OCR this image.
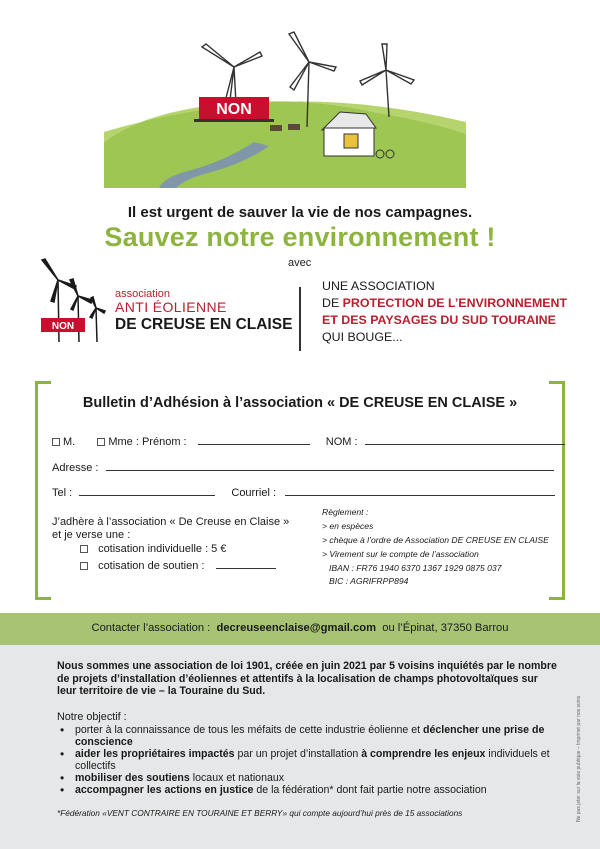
NON
Il est urgent de sauver la vie de nos campagnes.
Sauvez notre environnement !
avec
NON
association
ANTI ÉOLIENNE
DE CREUSE EN CLAISE
UNE ASSOCIATION
DE PROTECTION DE L’ENVIRONNEMENT
ET DES PAYSAGES DU SUD TOURAINE
QUI BOUGE...
Bulletin d’Adhésion à l’association « DE CREUSE EN CLAISE »
M.	Mme : Prénom :	NOM :
Adresse :
Tel :	Courriel :
J’adhère à l’association « De Creuse en Claise »
et je verse une :
cotisation individuelle : 5 €
cotisation de soutien :
Règlement :
> en espèces
> chèque à l’ordre de Association DE CREUSE EN CLAISE
> Virement sur le compte de l’association
IBAN : FR76 1940 6370 1367 1929 0875 037
BIC : AGRIFRPP894
Contacter l’association : decreuseenclaise@gmail.com ou l’Épinat, 37350 Barrou
Nous sommes une association de loi 1901, créée en juin 2021 par 5 voisins inquiétés par le nombre de projets d’installation d’éoliennes et attentifs à la localisation de champs photovoltaïques sur leur territoire de vie – la Touraine du Sud.
Notre objectif :
• porter à la connaissance de tous les méfaits de cette industrie éolienne et déclencher une prise de conscience
• aider les propriétaires impactés par un projet d’installation à comprendre les enjeux individuels et collectifs
• mobiliser des soutiens locaux et nationaux
• accompagner les actions en justice de la fédération* dont fait partie notre association
*Fédération «VENT CONTRAIRE EN TOURAINE ET BERRY» qui compte aujourd’hui près de 15 associations	Ne pas jeter sur la voie publique – Imprimé par nos soins
